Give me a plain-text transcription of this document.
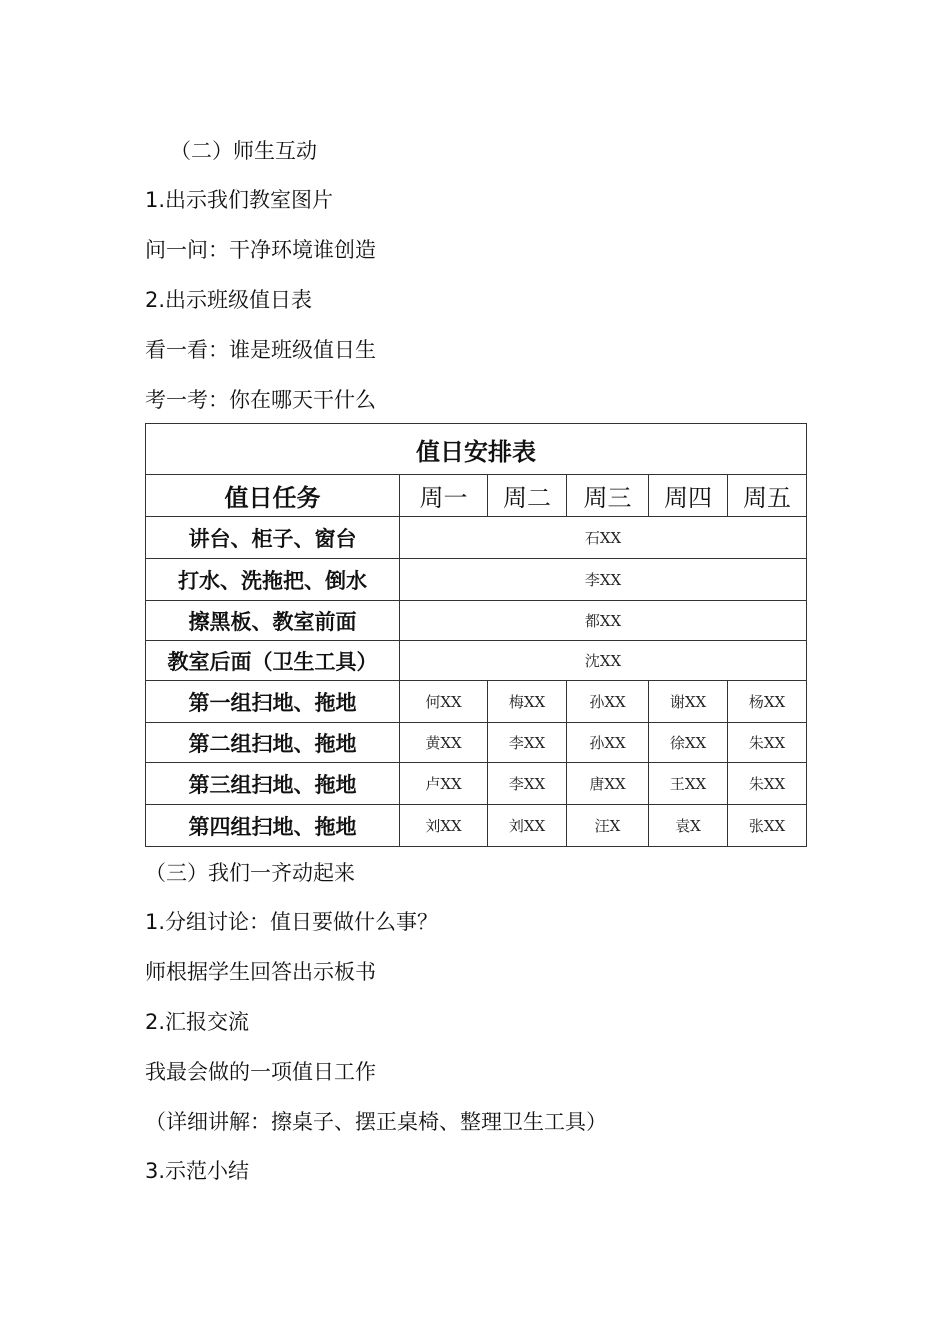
（二）师生互动

1.出示我们教室图片

问一问：干净环境谁创造

2.出示班级值日表

看一看：谁是班级值日生

考一考：你在哪天干什么

值日安排表					
值日任务	周一	周二	周三	周四	周五
讲台、柜子、窗台	石XX				
打水、洗拖把、倒水	李XX				
擦黑板、教室前面	都XX				
教室后面（卫生工具）	沈XX				
第一组扫地、拖地	何XX	梅XX	孙XX	谢XX	杨XX
第二组扫地、拖地	黄XX	李XX	孙XX	徐XX	朱XX
第三组扫地、拖地	卢XX	李XX	唐XX	王XX	朱XX
第四组扫地、拖地	刘XX	刘XX	汪X	袁X	张XX

（三）我们一齐动起来

1.分组讨论：值日要做什么事？

师根据学生回答出示板书

2.汇报交流

我最会做的一项值日工作

（详细讲解：擦桌子、摆正桌椅、整理卫生工具）

3.示范小结
